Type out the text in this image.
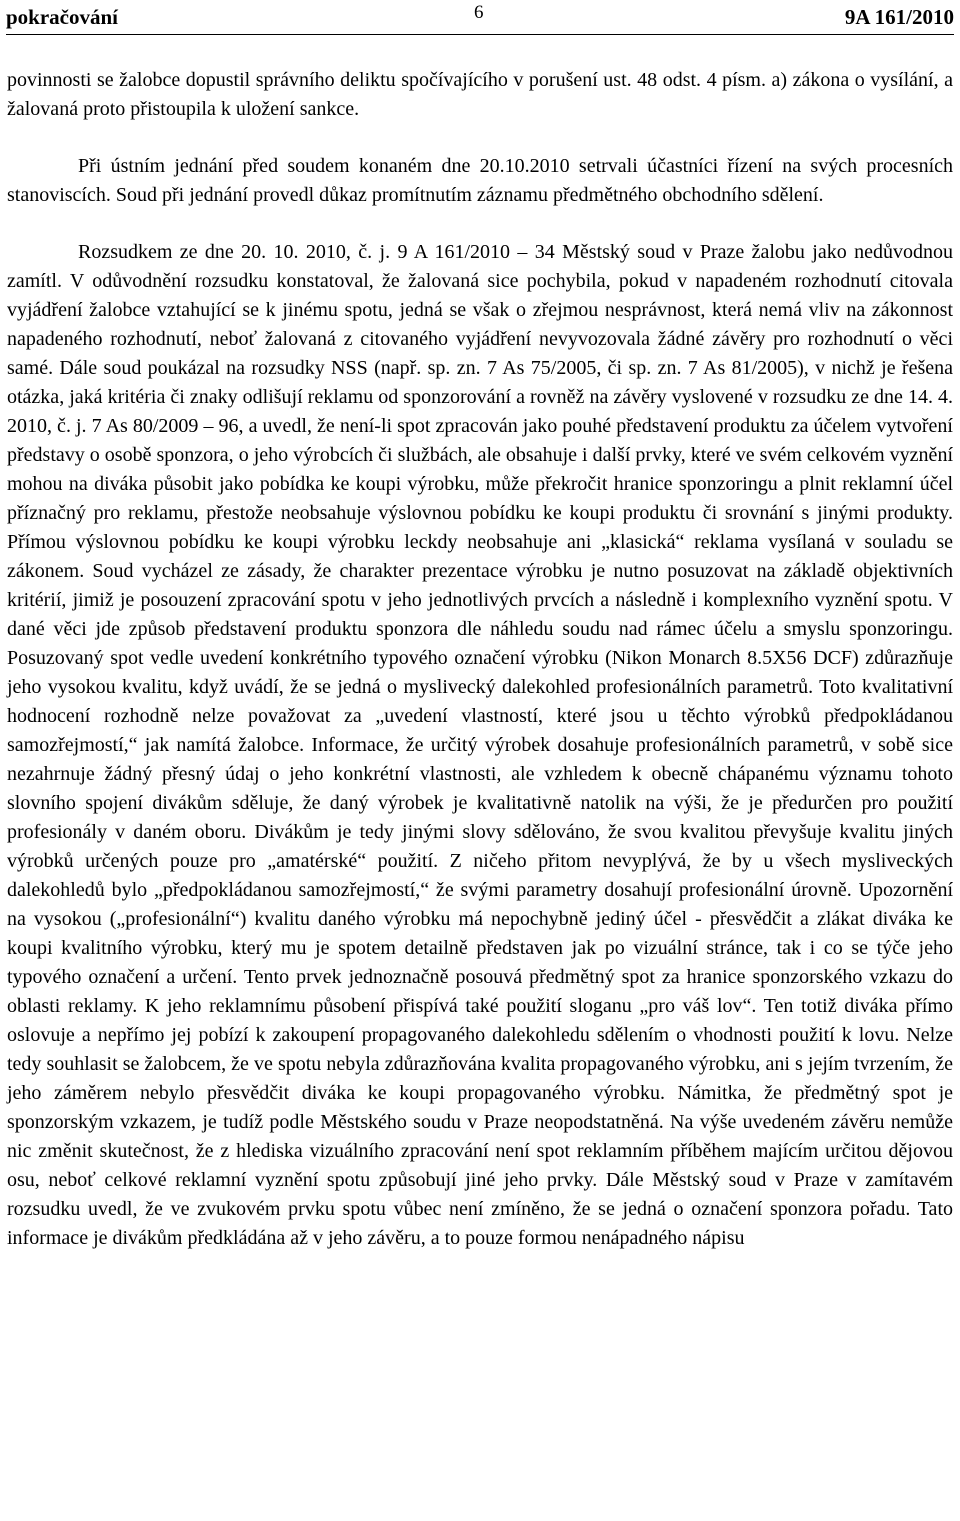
pokračování	6	9A 161/2010

povinnosti se žalobce dopustil správního deliktu spočívajícího v porušení ust. 48 odst. 4 písm. a) zákona o vysílání, a žalovaná proto přistoupila k uložení sankce.

Při ústním jednání před soudem konaném dne 20.10.2010 setrvali účastníci řízení na svých procesních stanoviscích. Soud při jednání provedl důkaz promítnutím záznamu předmětného obchodního sdělení.

Rozsudkem ze dne 20. 10. 2010, č. j. 9 A 161/2010 – 34 Městský soud v Praze žalobu jako nedůvodnou zamítl. V odůvodnění rozsudku konstatoval, že žalovaná sice pochybila, pokud v napadeném rozhodnutí citovala vyjádření žalobce vztahující se k jinému spotu, jedná se však o zřejmou nesprávnost, která nemá vliv na zákonnost napadeného rozhodnutí, neboť žalovaná z citovaného vyjádření nevyvozovala žádné závěry pro rozhodnutí o věci samé. Dále soud poukázal na rozsudky NSS (např. sp. zn. 7 As 75/2005, či sp. zn. 7 As 81/2005), v nichž je řešena otázka, jaká kritéria či znaky odlišují reklamu od sponzorování a rovněž na závěry vyslovené v rozsudku ze dne 14. 4. 2010, č. j. 7 As 80/2009 – 96, a uvedl, že není-li spot zpracován jako pouhé představení produktu za účelem vytvoření představy o osobě sponzora, o jeho výrobcích či službách, ale obsahuje i další prvky, které ve svém celkovém vyznění mohou na diváka působit jako pobídka ke koupi výrobku, může překročit hranice sponzoringu a plnit reklamní účel příznačný pro reklamu, přestože neobsahuje výslovnou pobídku ke koupi produktu či srovnání s jinými produkty. Přímou výslovnou pobídku ke koupi výrobku leckdy neobsahuje ani „klasická“ reklama vysílaná v souladu se zákonem. Soud vycházel ze zásady, že charakter prezentace výrobku je nutno posuzovat na základě objektivních kritérií, jimiž je posouzení zpracování spotu v jeho jednotlivých prvcích a následně i komplexního vyznění spotu. V dané věci jde způsob představení produktu sponzora dle náhledu soudu nad rámec účelu a smyslu sponzoringu. Posuzovaný spot vedle uvedení konkrétního typového označení výrobku (Nikon Monarch 8.5X56 DCF) zdůrazňuje jeho vysokou kvalitu, když uvádí, že se jedná o myslivecký dalekohled profesionálních parametrů. Toto kvalitativní hodnocení rozhodně nelze považovat za „uvedení vlastností, které jsou u těchto výrobků předpokládanou samozřejmostí,“ jak namítá žalobce. Informace, že určitý výrobek dosahuje profesionálních parametrů, v sobě sice nezahrnuje žádný přesný údaj o jeho konkrétní vlastnosti, ale vzhledem k obecně chápanému významu tohoto slovního spojení divákům sděluje, že daný výrobek je kvalitativně natolik na výši, že je předurčen pro použití profesionály v daném oboru. Divákům je tedy jinými slovy sdělováno, že svou kvalitou převyšuje kvalitu jiných výrobků určených pouze pro „amatérské“ použití. Z ničeho přitom nevyplývá, že by u všech mysliveckých dalekohledů bylo „předpokládanou samozřejmostí,“ že svými parametry dosahují profesionální úrovně. Upozornění na vysokou („profesionální“) kvalitu daného výrobku má nepochybně jediný účel - přesvědčit a zlákat diváka ke koupi kvalitního výrobku, který mu je spotem detailně představen jak po vizuální stránce, tak i co se týče jeho typového označení a určení. Tento prvek jednoznačně posouvá předmětný spot za hranice sponzorského vzkazu do oblasti reklamy. K jeho reklamnímu působení přispívá také použití sloganu „pro váš lov“. Ten totiž diváka přímo oslovuje a nepřímo jej pobízí k zakoupení propagovaného dalekohledu sdělením o vhodnosti použití k lovu. Nelze tedy souhlasit se žalobcem, že ve spotu nebyla zdůrazňována kvalita propagovaného výrobku, ani s jejím tvrzením, že jeho záměrem nebylo přesvědčit diváka ke koupi propagovaného výrobku. Námitka, že předmětný spot je sponzorským vzkazem, je tudíž podle Městského soudu v Praze neopodstatněná. Na výše uvedeném závěru nemůže nic změnit skutečnost, že z hlediska vizuálního zpracování není spot reklamním příběhem majícím určitou dějovou osu, neboť celkové reklamní vyznění spotu způsobují jiné jeho prvky. Dále Městský soud v Praze v zamítavém rozsudku uvedl, že ve zvukovém prvku spotu vůbec není zmíněno, že se jedná o označení sponzora pořadu. Tato informace je divákům předkládána až v jeho závěru, a to pouze formou nenápadného nápisu
